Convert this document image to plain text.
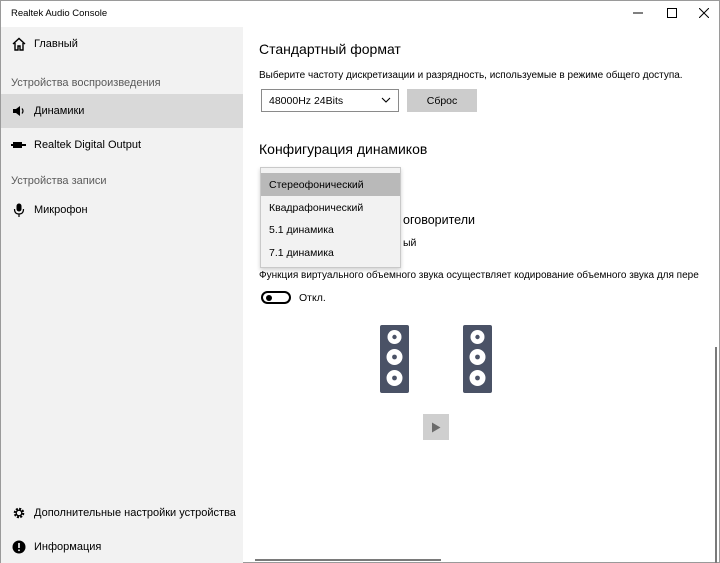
Realtek Audio Console
Главный
Устройства воспроизведения
Динамики
Realtek Digital Output
Устройства записи
Микрофон
Дополнительные настройки устройства
Информация
Стандартный формат
Выберите частоту дискретизации и разрядность, используемые в режиме общего доступа.
48000Hz 24Bits	Сброс
Конфигурация динамиков
оговорители
ый
Стереофонический
Квадрафонический
5.1 динамика
7.1 динамика
Функция виртуального объемного звука осуществляет кодирование объемного звука для пере
Откл.
